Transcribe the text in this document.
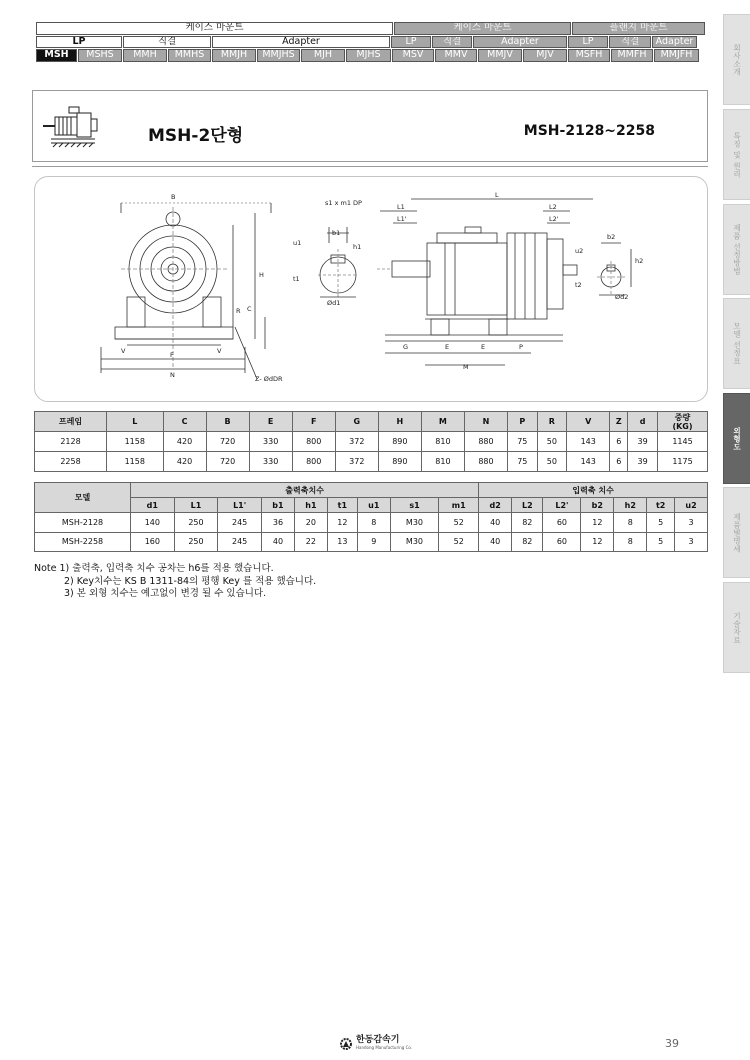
케이스 마운트	케이스 마운트	플랜지 마운트
LP	직결	Adapter	LP	직결	Adapter	LP	직결	Adapter
MSH	MSHS	MMH	MMHS	MMJH	MMJHS	MJH	MJHS	MSV	MMV	MMJV	MJV	MSFH	MMFH	MMJFH	회사소개
특징 및 원리
제품 선정방법
모델 선정표
외형도
제품별명세
기술자료
MSH-2단형	MSH-2128~2258
B
H
C
R
V	V
F
N	Z- ØdDR
u1
b1
h1
t1
Ød1
s1 x m1 DP
L
L1
L1'
L2
L2'
u2
b2
h2
t2
Ød2
G	E	E	P
M
프레임	L	C	B	E	F	G	H	M	N	P	R	V	Z	d	중량
(KG)
2128	1158	420	720	330	800	372	890	810	880	75	50	143	6	39	1145
2258	1158	420	720	330	800	372	890	810	880	75	50	143	6	39	1175
모델	출력축치수									입력축 치수						
	d1	L1	L1'	b1	h1	t1	u1	s1	m1	d2	L2	L2'	b2	h2	t2	u2
MSH-2128	140	250	245	36	20	12	8	M30	52	40	82	60	12	8	5	3
MSH-2258	160	250	245	40	22	13	9	M30	52	40	82	60	12	8	5	3
Note 1) 출력축, 입력축 치수 공차는 h6를 적용 했습니다.
2) Key치수는 KS B 1311-84의 평행 Key 를 적용 했습니다.
3) 본 외형 치수는 예고없이 변경 될 수 있습니다.
한동감속기
Handong Manufacturing Co.	39
